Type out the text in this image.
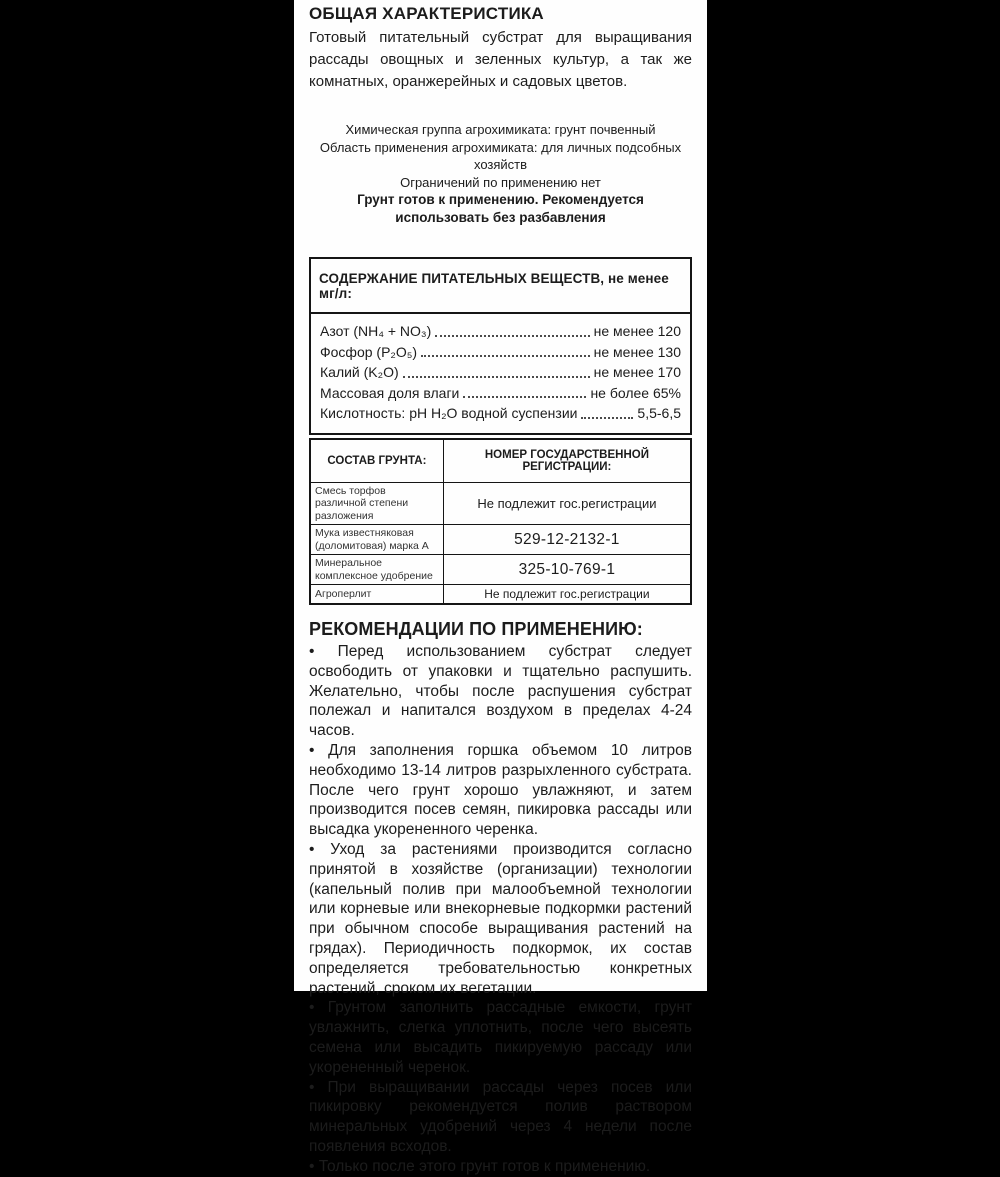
ОБЩАЯ ХАРАКТЕРИСТИКА

Готовый питательный субстрат для выращивания рассады овощных и зеленных культур, а так же комнатных, оранжерейных и садовых цветов.

Химическая группа агрохимиката: грунт почвенный

Область применения агрохимиката: для личных подсобных хозяйств

Ограничений по применению нет

Грунт готов к применению. Рекомендуется использовать без разбавления

СОДЕРЖАНИЕ ПИТАТЕЛЬНЫХ ВЕЩЕСТВ, не менее мг/л:
Азот (NH₄ + NO₃)	не менее 120
Фосфор (P₂O₅)	не менее 130
Калий (K₂O)	не менее 170
Массовая доля влаги	не более 65%
Кислотность: pH H₂O водной суспензии	5,5-6,5
СОСТАВ ГРУНТА:	НОМЕР ГОСУДАРСТВЕННОЙ РЕГИСТРАЦИИ:
Смесь торфов различной степени разложения	Не подлежит гос.регистрации
Мука известняковая (доломитовая) марка А	529-12-2132-1
Минеральное комплексное удобрение	325-10-769-1
Агроперлит	Не подлежит гос.регистрации
РЕКОМЕНДАЦИИ ПО ПРИМЕНЕНИЮ:

• Перед использованием субстрат следует освободить от упаковки и тщательно распушить. Желательно, чтобы после распушения субстрат полежал и напитался воздухом в пределах 4-24 часов.

• Для заполнения горшка объемом 10 литров необходимо 13-14 литров разрыхленного субстрата. После чего грунт хорошо увлажняют, и затем производится посев семян, пикировка рассады или высадка укорененного черенка.

• Уход за растениями производится согласно принятой в хозяйстве (организации) технологии (капельный полив при малообъемной технологии или корневые или внекорневые подкормки растений при обычном способе выращивания растений на грядах). Периодичность подкормок, их состав определяется требовательностью конкретных растений, сроком их вегетации.

• Грунтом заполнить рассадные емкости, грунт увлажнить, слегка уплотнить, после чего высеять семена или высадить пикируемую рассаду или укорененный черенок.

• При выращивании рассады через посев или пикировку рекомендуется полив раствором минеральных удобрений через 4 недели после появления всходов.

• Только после этого грунт готов к применению.
